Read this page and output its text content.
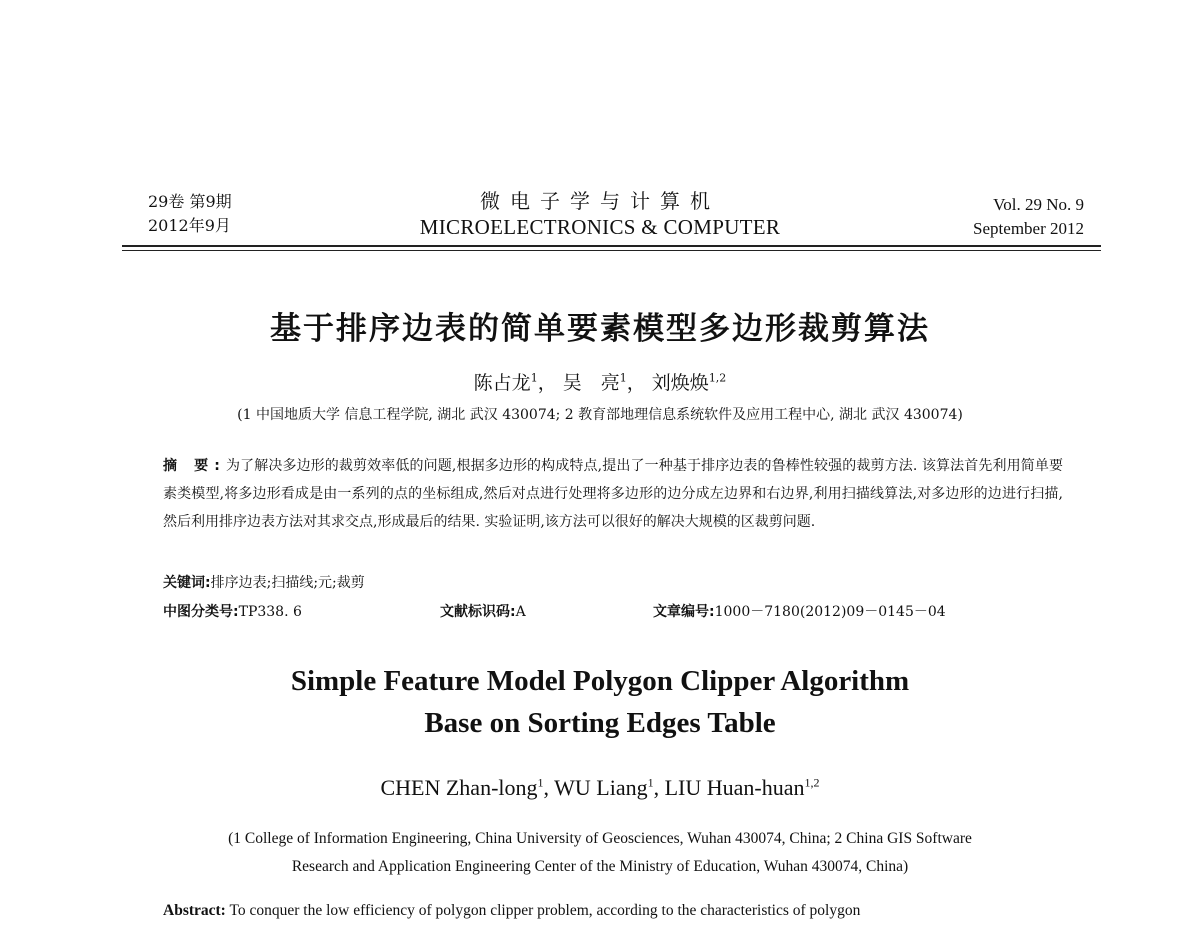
29卷 第9期
2012年9月
微电子学与计算机
MICROELECTRONICS & COMPUTER
Vol. 29 No. 9
September 2012
基于排序边表的简单要素模型多边形裁剪算法
陈占龙$^1$， 吴　亮$^1$， 刘焕焕$^{1,2}$
(1 中国地质大学 信息工程学院, 湖北 武汉 430074; 2 教育部地理信息系统软件及应用工程中心, 湖北 武汉 430074)
摘 要:为了解决多边形的裁剪效率低的问题,根据多边形的构成特点,提出了一种基于排序边表的鲁棒性较强的裁剪方法. 该算法首先利用简单要素类模型,将多边形看成是由一系列的点的坐标组成,然后对点进行处理将多边形的边分成左边界和右边界,利用扫描线算法,对多边形的边进行扫描,然后利用排序边表方法对其求交点,形成最后的结果. 实验证明,该方法可以很好的解决大规模的区裁剪问题.
关键词:排序边表;扫描线;元;裁剪
中图分类号:TP338. 6	文献标识码:A	文章编号:1000－7180(2012)09－0145－04
Simple Feature Model Polygon Clipper Algorithm
Base on Sorting Edges Table
CHEN Zhan-long$^1$, WU Liang$^1$, LIU Huan-huan$^{1,2}$
(1 College of Information Engineering, China University of Geosciences, Wuhan 430074, China; 2 China GIS Software
Research and Application Engineering Center of the Ministry of Education, Wuhan 430074, China)
Abstract: To conquer the low efficiency of polygon clipper problem, according to the characteristics of polygon
